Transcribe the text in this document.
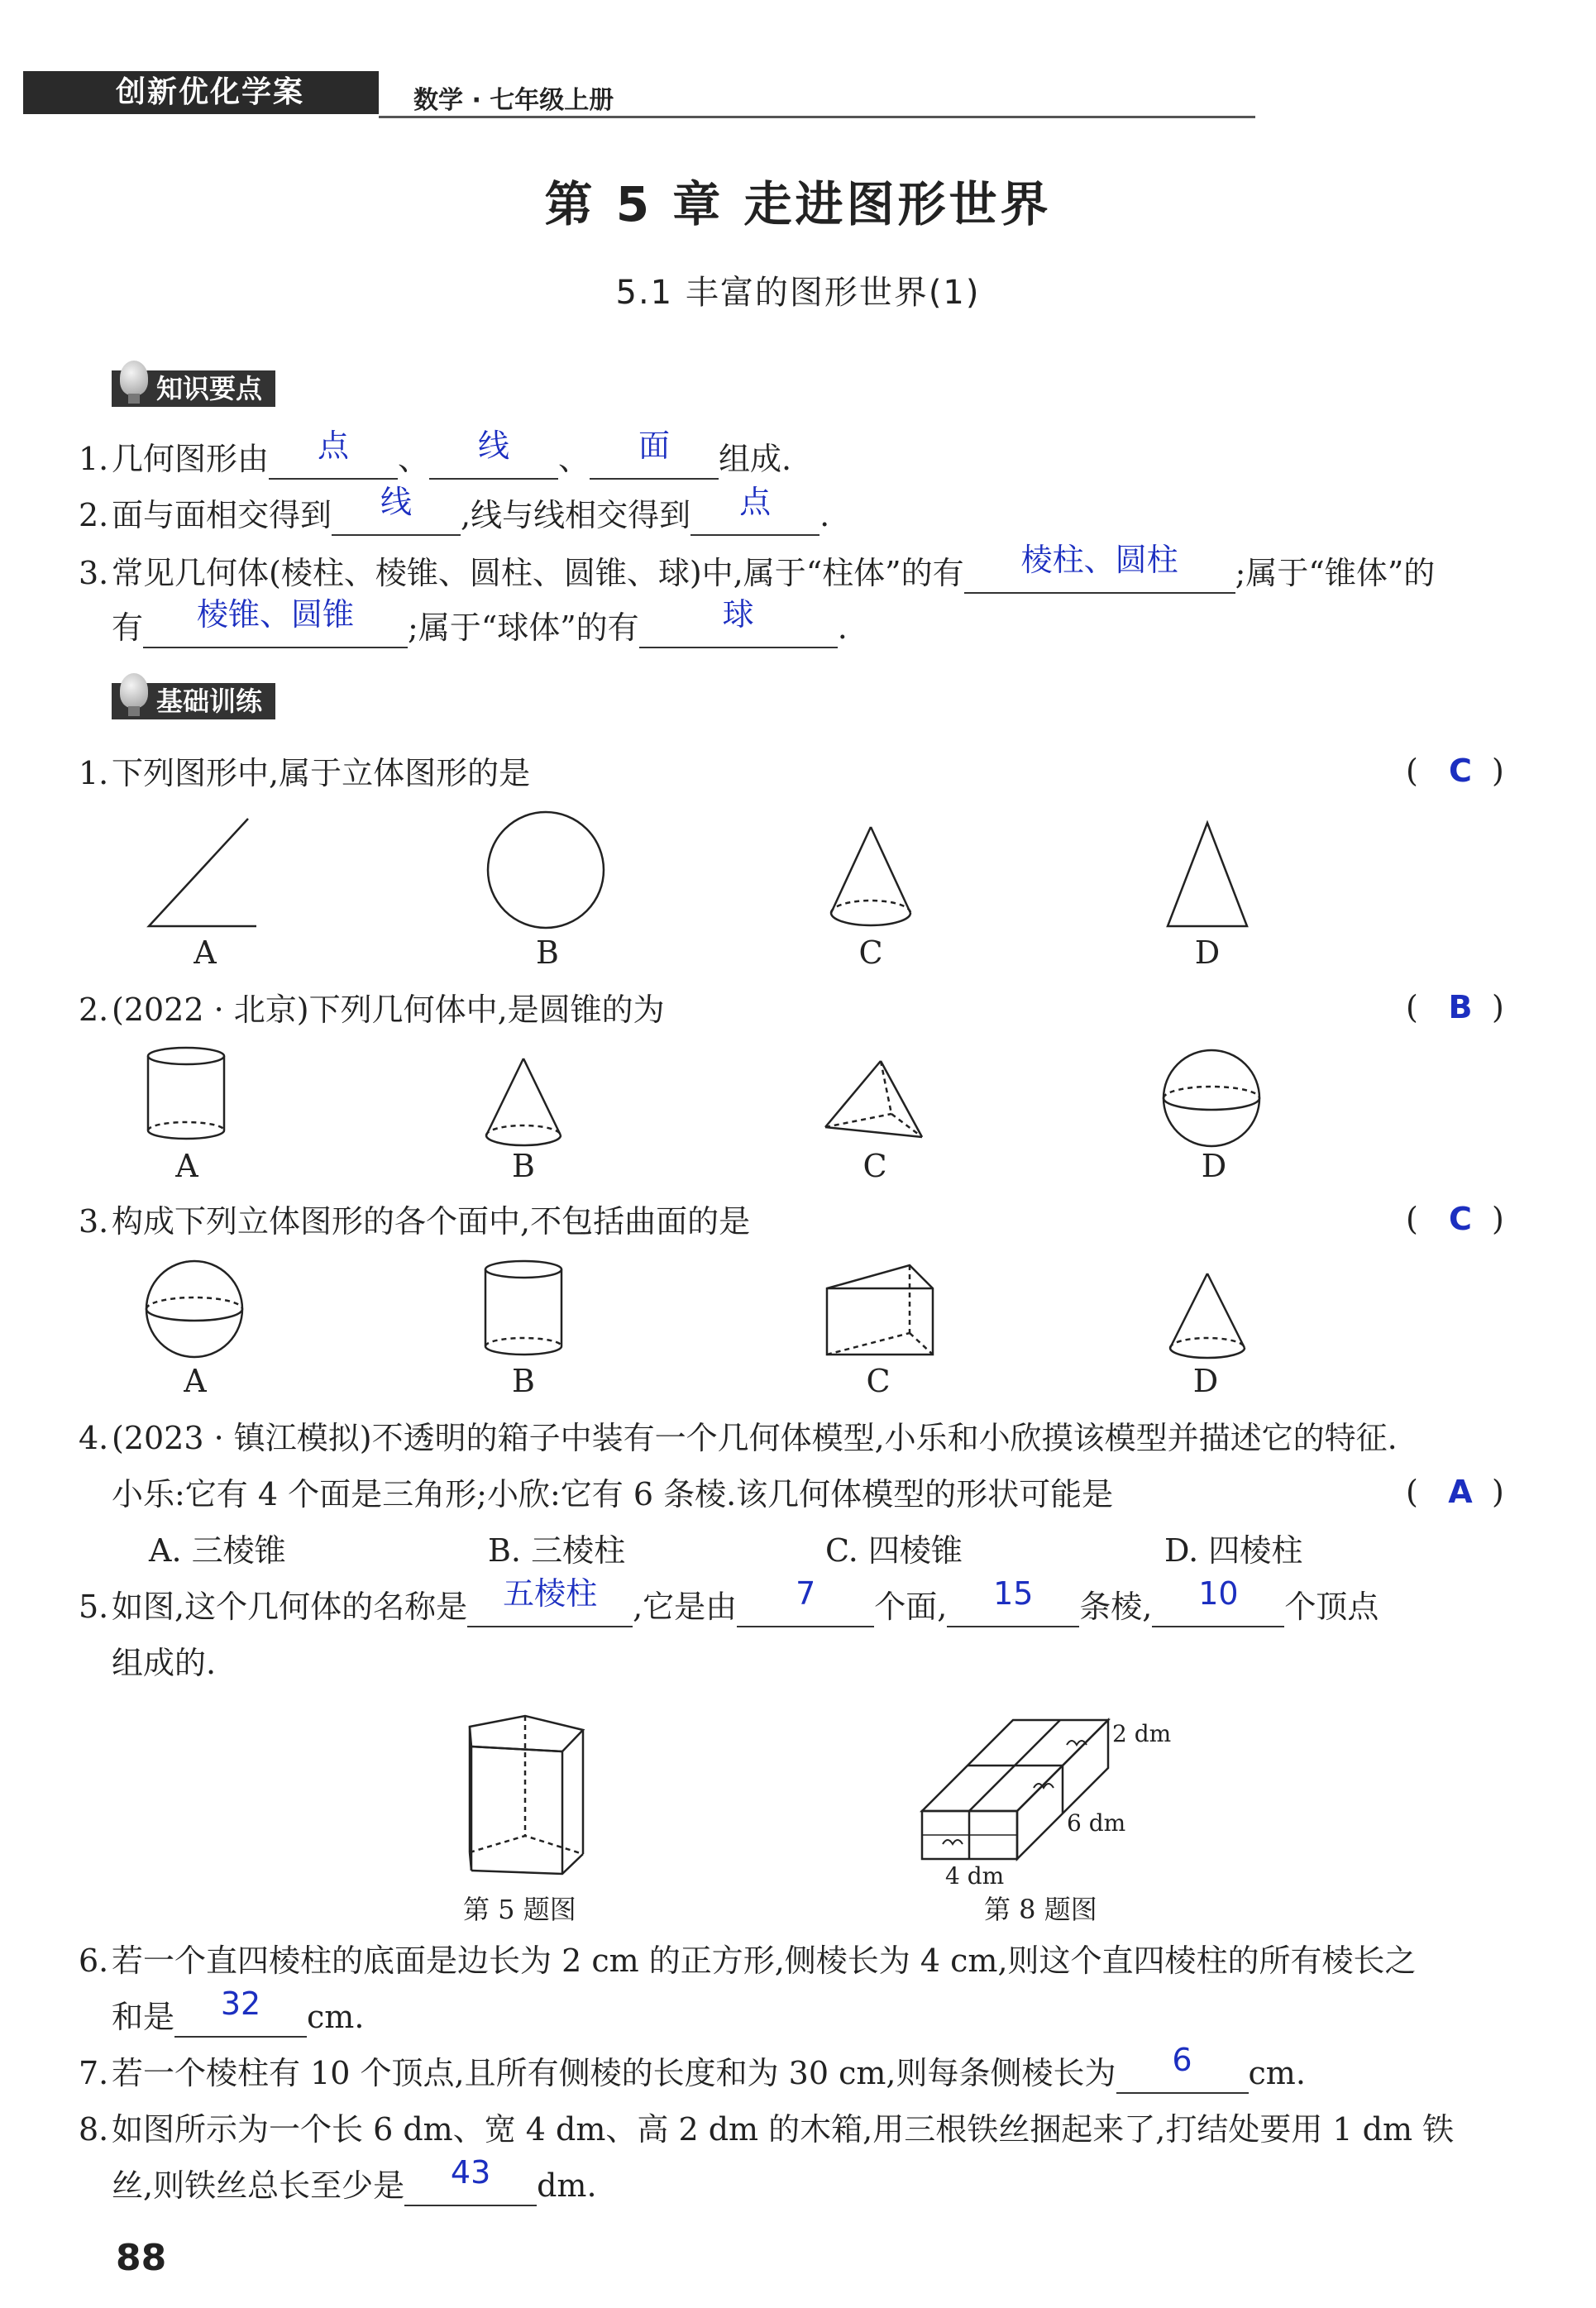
创新优化学案	数学 · 七年级上册
第 5 章 走进图形世界
5.1 丰富的图形世界(1)
知识要点
1. 几何图形由	点	、	线	、	面	组成.
2. 面与面相交得到	线	,线与线相交得到	点	.
3. 常见几何体(棱柱、棱锥、圆柱、圆锥、球)中,属于“柱体”的有	棱柱、圆柱	;属于“锥体”的
有	棱锥、圆锥	;属于“球体”的有	球	.
基础训练
1. 下列图形中,属于立体图形的是	( C )
A	B	C	D
2. (2022 · 北京)下列几何体中,是圆锥的为	( B )
A	B	C	D
3. 构成下列立体图形的各个面中,不包括曲面的是	( C )
A	B	C	D
4. (2023 · 镇江模拟)不透明的箱子中装有一个几何体模型,小乐和小欣摸该模型并描述它的特征.
小乐:它有 4 个面是三角形;小欣:它有 6 条棱.该几何体模型的形状可能是	( A )
A. 三棱锥	B. 三棱柱	C. 四棱锥	D. 四棱柱
5. 如图,这个几何体的名称是	五棱柱	,它是由	7	个面,	15	条棱,	10	个顶点
组成的.
第 5 题图
2 dm
6 dm
4 dm
第 8 题图
6. 若一个直四棱柱的底面是边长为 2 cm 的正方形,侧棱长为 4 cm,则这个直四棱柱的所有棱长之
和是	32	cm.
7. 若一个棱柱有 10 个顶点,且所有侧棱的长度和为 30 cm,则每条侧棱长为	6	cm.
8. 如图所示为一个长 6 dm、宽 4 dm、高 2 dm 的木箱,用三根铁丝捆起来了,打结处要用 1 dm 铁
丝,则铁丝总长至少是	43	dm.
88
